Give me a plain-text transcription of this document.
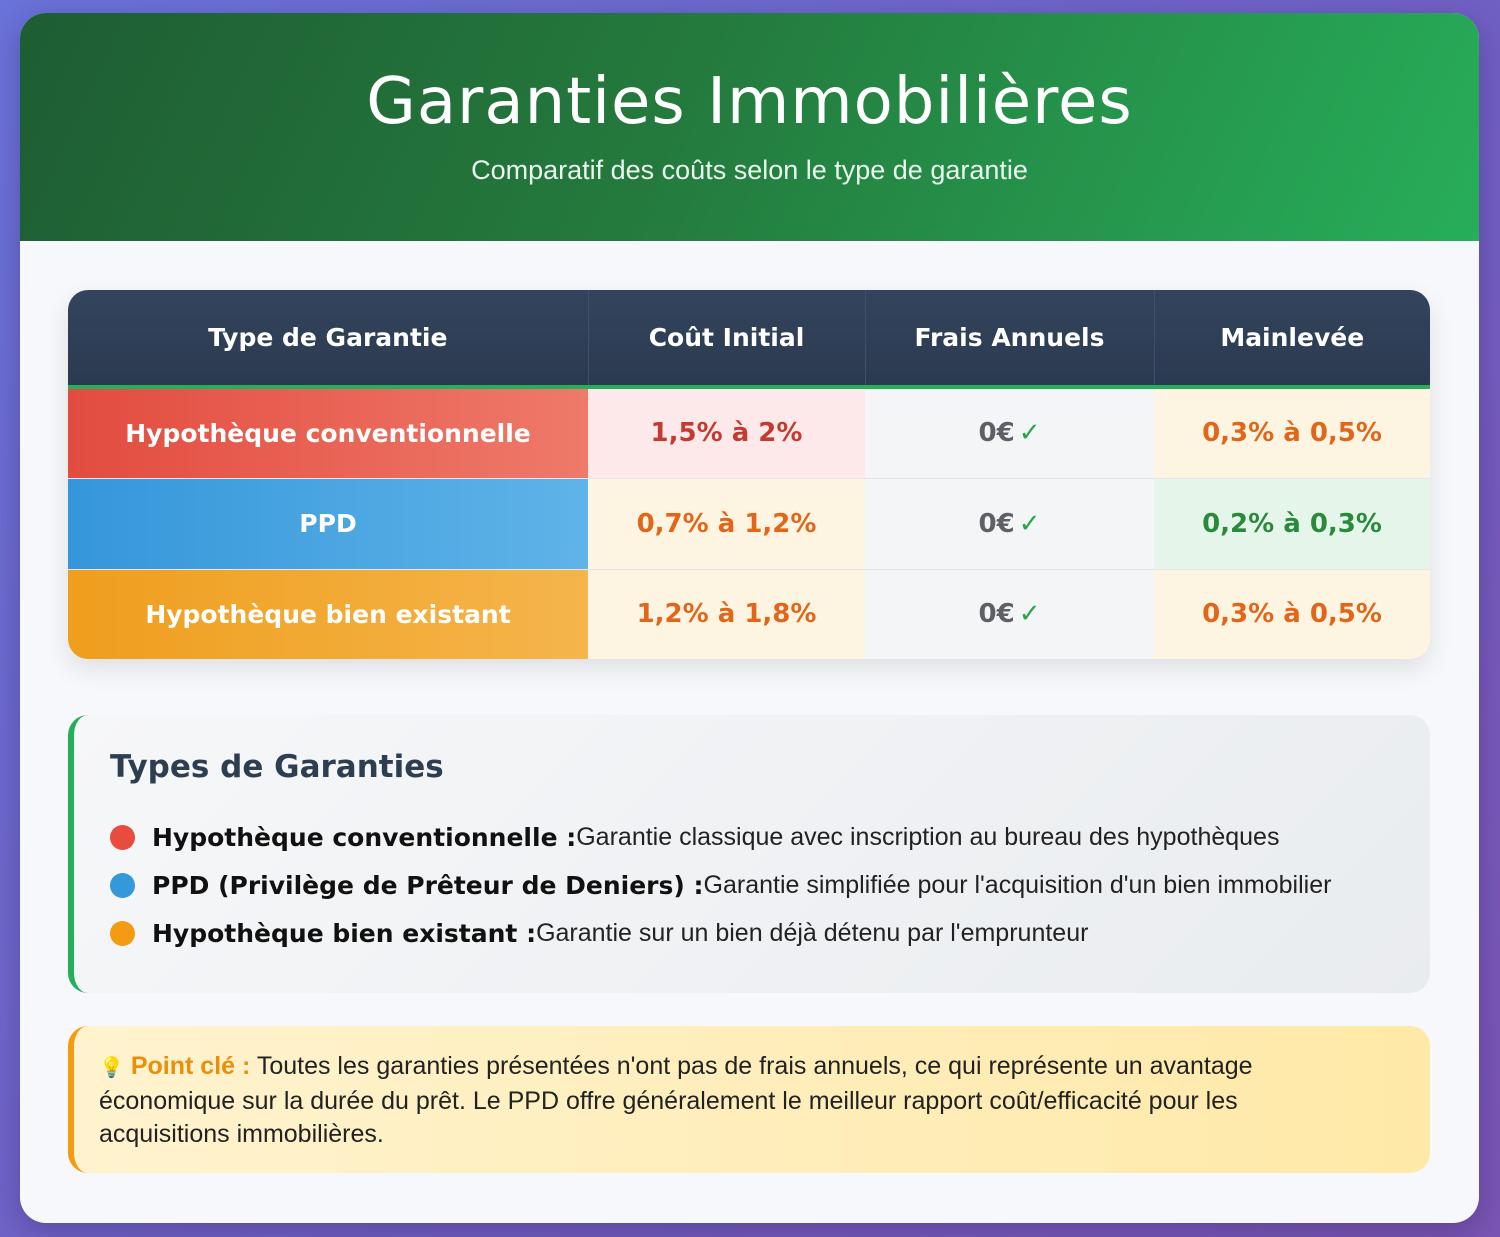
Garanties Immobilières
Comparatif des coûts selon le type de garantie
Type de Garantie	Coût Initial	Frais Annuels	Mainlevée
Hypothèque conventionnelle	1,5% à 2%	0€ ✓	0,3% à 0,5%
PPD	0,7% à 1,2%	0€ ✓	0,2% à 0,3%
Hypothèque bien existant	1,2% à 1,8%	0€ ✓	0,3% à 0,5%
Types de Garanties
Hypothèque conventionnelle : Garantie classique avec inscription au bureau des hypothèques
PPD (Privilège de Prêteur de Deniers) : Garantie simplifiée pour l'acquisition d'un bien immobilier
Hypothèque bien existant : Garantie sur un bien déjà détenu par l'emprunteur
💡 Point clé : Toutes les garanties présentées n'ont pas de frais annuels, ce qui représente un avantage économique sur la durée du prêt. Le PPD offre généralement le meilleur rapport coût/efficacité pour les acquisitions immobilières.
